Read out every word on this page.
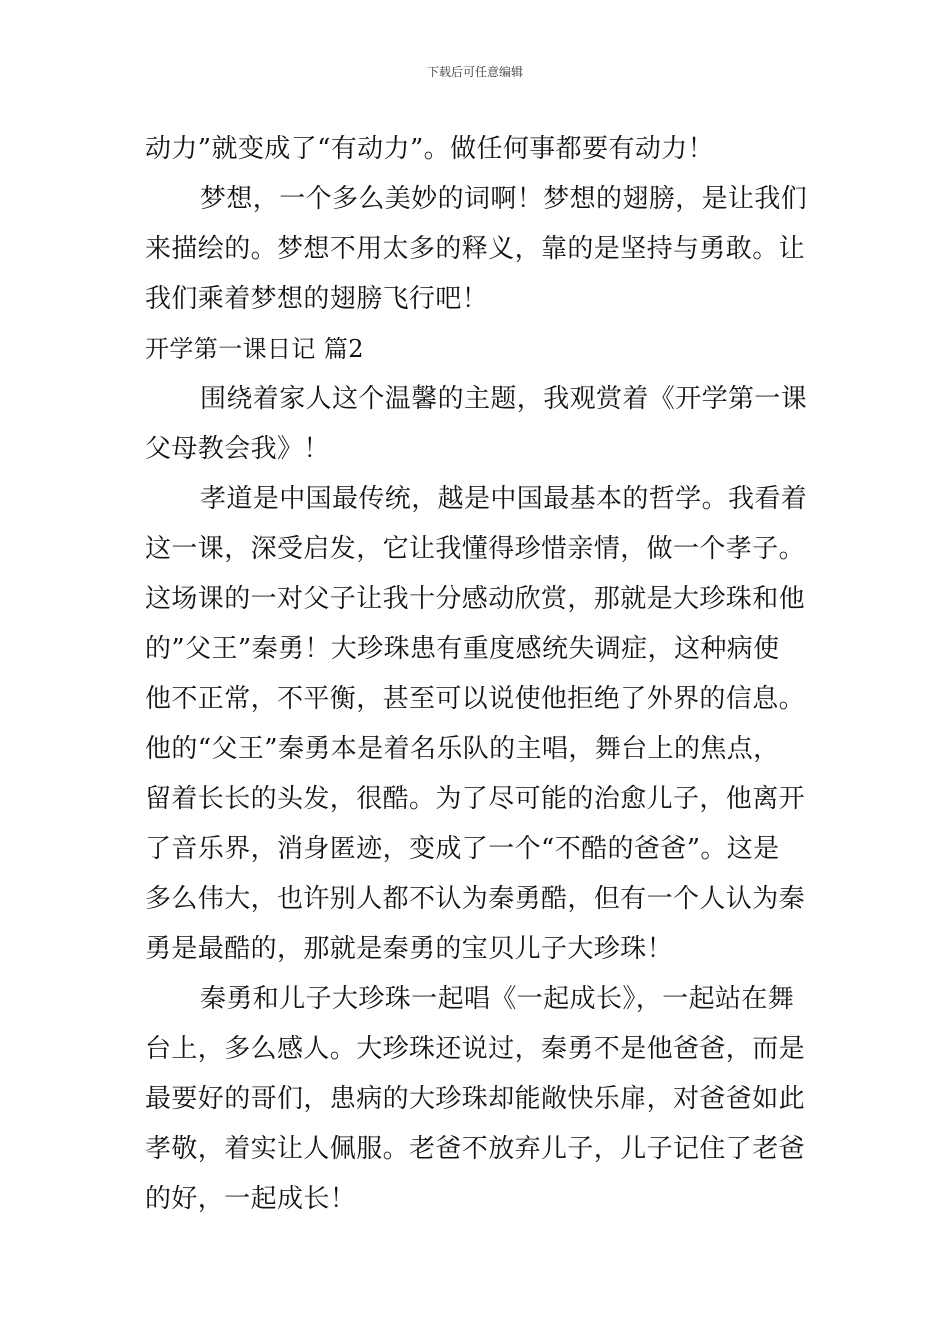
下载后可任意编辑
动力”就变成了“有动力”。做任何事都要有动力！
梦想，一个多么美妙的词啊！梦想的翅膀，是让我们
来描绘的。梦想不用太多的释义，靠的是坚持与勇敢。让
我们乘着梦想的翅膀飞行吧！
开学第一课日记 篇2
围绕着家人这个温馨的主题，我观赏着《开学第一课
父母教会我》！
孝道是中国最传统，越是中国最基本的哲学。我看着
这一课，深受启发，它让我懂得珍惜亲情，做一个孝子。
这场课的一对父子让我十分感动欣赏，那就是大珍珠和他
的”父王”秦勇！大珍珠患有重度感统失调症，这种病使
他不正常，不平衡，甚至可以说使他拒绝了外界的信息。
他的“父王”秦勇本是着名乐队的主唱，舞台上的焦点，
留着长长的头发，很酷。为了尽可能的治愈儿子，他离开
了音乐界，消身匿迹，变成了一个“不酷的爸爸”。这是
多么伟大，也许别人都不认为秦勇酷，但有一个人认为秦
勇是最酷的，那就是秦勇的宝贝儿子大珍珠！
秦勇和儿子大珍珠一起唱《一起成长》，一起站在舞
台上，多么感人。大珍珠还说过，秦勇不是他爸爸，而是
最要好的哥们，患病的大珍珠却能敞快乐扉，对爸爸如此
孝敬，着实让人佩服。老爸不放弃儿子，儿子记住了老爸
的好，一起成长！
